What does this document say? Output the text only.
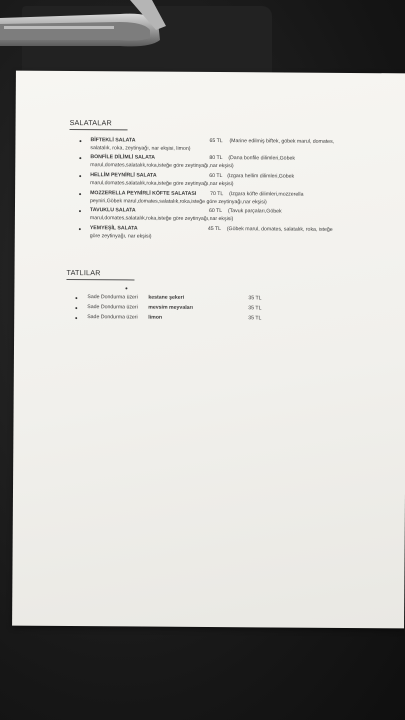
SALATALAR
BİFTEKLİ SALATA	65 TL (Marine edilmiş biftek, göbek marul, domates,
salatalık, roka, zeytinyağı, nar ekşisi, limon)
BONFİLE DİLİMLİ SALATA	80 TL (Dana bonfile dilimleri,Göbek
marul,domates,salatalık,roka,isteğe göre zeytinyağı,nar ekşisi)
HELLİM PEYNİRLİ SALATA	60 TL (Izgara hellim dilimleri,Göbek
marul,domates,salatalık,roka,isteğe göre zeytinyağı,nar ekşisi)
MOZZERELLA PEYNİRLİ KÖFTE SALATASI	70 TL (Izgara köfte dilimleri,mozzerella
peyniri,Göbek marul,domates,salatalık,roka,isteğe göre zeytinyağı,nar ekşisi)
TAVUKLU SALATA	60 TL (Tavuk parçaları,Göbek
marul,domates,salatalık,roka,isteğe göre zeytinyağı,nar ekşisi)
YEMYEŞİL SALATA	45 TL (Göbek marul, domates, salatalık, roka, isteğe
göre zeytinyağı, nar ekşisi)
TATLILAR
Sade Dondurma üzeri kestane şekeri	35 TL
Sade Dondurma üzeri mevsim meyvaları	35 TL
Sade Dondurma üzeri limon	35 TL
